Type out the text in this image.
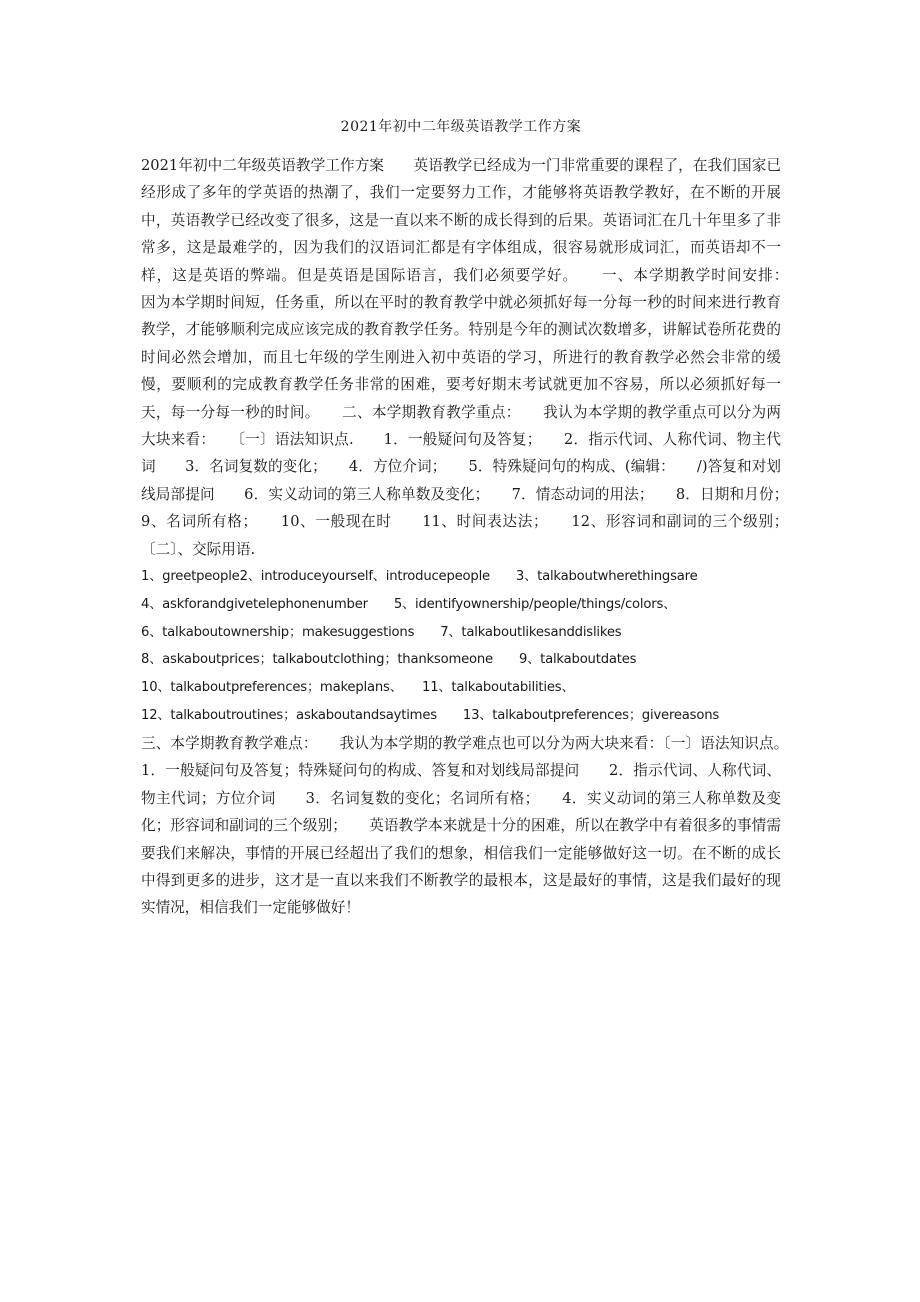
2021年初中二年级英语教学工作方案

2021年初中二年级英语教学工作方案　　英语教学已经成为一门非常重要的课程了，在我们国家已经形成了多年的学英语的热潮了，我们一定要努力工作，才能够将英语教学教好，在不断的开展中，英语教学已经改变了很多，这是一直以来不断的成长得到的后果。英语词汇在几十年里多了非常多，这是最难学的，因为我们的汉语词汇都是有字体组成，很容易就形成词汇，而英语却不一样，这是英语的弊端。但是英语是国际语言，我们必须要学好。　　一、本学期教学时间安排：　　因为本学期时间短，任务重，所以在平时的教育教学中就必须抓好每一分每一秒的时间来进行教育教学，才能够顺利完成应该完成的教育教学任务。特别是今年的测试次数增多，讲解试卷所花费的时间必然会增加，而且七年级的学生刚进入初中英语的学习，所进行的教育教学必然会非常的缓慢，要顺利的完成教育教学任务非常的困难，要考好期末考试就更加不容易，所以必须抓好每一天，每一分每一秒的时间。　　二、本学期教育教学重点：　　我认为本学期的教学重点可以分为两大块来看：　　〔一〕语法知识点.　　1．一般疑问句及答复；　　2．指示代词、人称代词、物主代词　　3．名词复数的变化；　　4．方位介词；　　5．特殊疑问句的构成、(编辑：　　/)答复和对划线局部提问　　6．实义动词的第三人称单数及变化；　　7．情态动词的用法；　　8．日期和月份；　　9、名词所有格；　　10、一般现在时　　11、时间表达法；　　12、形容词和副词的三个级别；　　〔二〕、交际用语.

1、greetpeople2、introduceyourself、introducepeople　　3、talkaboutwherethingsare
4、askforandgivetelephonenumber　　5、identifyownership/people/things/colors、
6、talkaboutownership；makesuggestions　　7、talkaboutlikesanddislikes
8、askaboutprices；talkaboutclothing；thanksomeone　　9、talkaboutdates
10、talkaboutpreferences；makeplans、　　11、talkaboutabilities、
12、talkaboutroutines；askaboutandsaytimes　　13、talkaboutpreferences；givereasons

三、本学期教育教学难点：　　我认为本学期的教学难点也可以分为两大块来看：〔一〕语法知识点。　　1．一般疑问句及答复；特殊疑问句的构成、答复和对划线局部提问　　2．指示代词、人称代词、物主代词；方位介词　　3．名词复数的变化；名词所有格；　　4．实义动词的第三人称单数及变化；形容词和副词的三个级别；　　英语教学本来就是十分的困难，所以在教学中有着很多的事情需要我们来解决，事情的开展已经超出了我们的想象，相信我们一定能够做好这一切。在不断的成长中得到更多的进步，这才是一直以来我们不断教学的最根本，这是最好的事情，这是我们最好的现实情况，相信我们一定能够做好！
